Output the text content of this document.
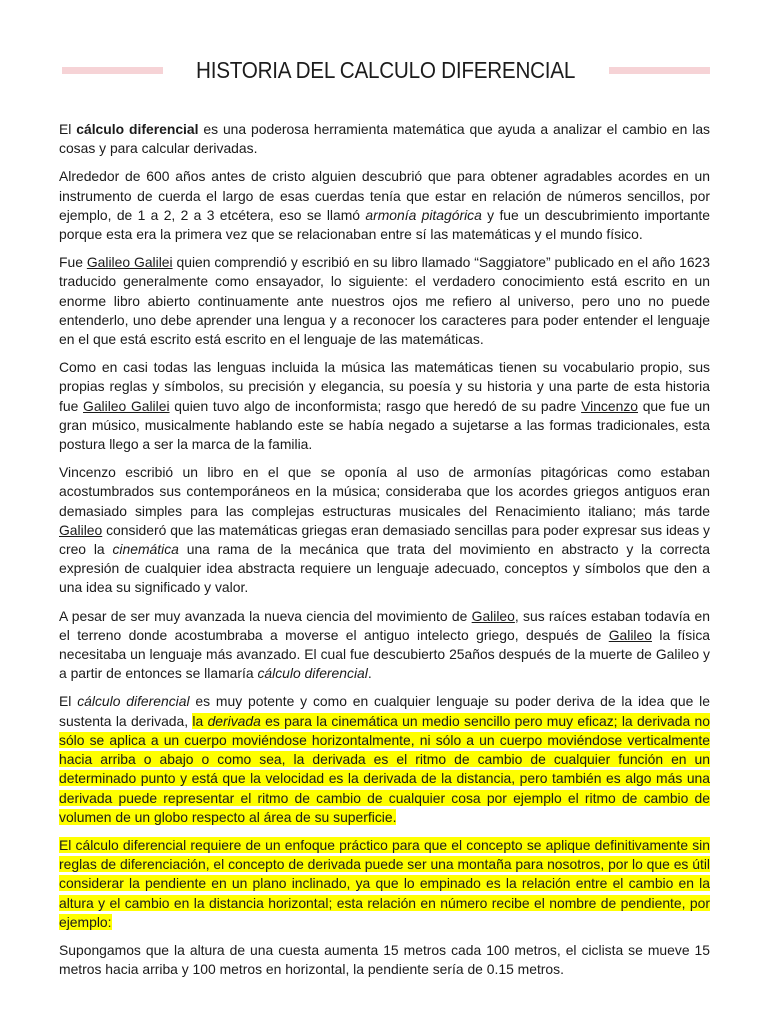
HISTORIA DEL CALCULO DIFERENCIAL

El cálculo diferencial es una poderosa herramienta matemática que ayuda a analizar el cambio en las cosas y para calcular derivadas.

Alrededor de 600 años antes de cristo alguien descubrió que para obtener agradables acordes en un instrumento de cuerda el largo de esas cuerdas tenía que estar en relación de números sencillos, por ejemplo, de 1 a 2, 2 a 3 etcétera, eso se llamó armonía pitagórica y fue un descubrimiento importante porque esta era la primera vez que se relacionaban entre sí las matemáticas y el mundo físico.

Fue Galileo Galilei quien comprendió y escribió en su libro llamado “Saggiatore” publicado en el año 1623 traducido generalmente como ensayador, lo siguiente: el verdadero conocimiento está escrito en un enorme libro abierto continuamente ante nuestros ojos me refiero al universo, pero uno no puede entenderlo, uno debe aprender una lengua y a reconocer los caracteres para poder entender el lenguaje en el que está escrito está escrito en el lenguaje de las matemáticas.

Como en casi todas las lenguas incluida la música las matemáticas tienen su vocabulario propio, sus propias reglas y símbolos, su precisión y elegancia, su poesía y su historia y una parte de esta historia fue Galileo Galilei quien tuvo algo de inconformista; rasgo que heredó de su padre Vincenzo que fue un gran músico, musicalmente hablando este se había negado a sujetarse a las formas tradicionales, esta postura llego a ser la marca de la familia.

Vincenzo escribió un libro en el que se oponía al uso de armonías pitagóricas como estaban acostumbrados sus contemporáneos en la música; consideraba que los acordes griegos antiguos eran demasiado simples para las complejas estructuras musicales del Renacimiento italiano; más tarde Galileo consideró que las matemáticas griegas eran demasiado sencillas para poder expresar sus ideas y creo la cinemática una rama de la mecánica que trata del movimiento en abstracto y la correcta expresión de cualquier idea abstracta requiere un lenguaje adecuado, conceptos y símbolos que den a una idea su significado y valor.

A pesar de ser muy avanzada la nueva ciencia del movimiento de Galileo, sus raíces estaban todavía en el terreno donde acostumbraba a moverse el antiguo intelecto griego, después de Galileo la física necesitaba un lenguaje más avanzado. El cual fue descubierto 25años después de la muerte de Galileo y a partir de entonces se llamaría cálculo diferencial.

El cálculo diferencial es muy potente y como en cualquier lenguaje su poder deriva de la idea que le sustenta la derivada, la derivada es para la cinemática un medio sencillo pero muy eficaz; la derivada no sólo se aplica a un cuerpo moviéndose horizontalmente, ni sólo a un cuerpo moviéndose verticalmente hacia arriba o abajo o como sea, la derivada es el ritmo de cambio de cualquier función en un determinado punto y está que la velocidad es la derivada de la distancia, pero también es algo más una derivada puede representar el ritmo de cambio de cualquier cosa por ejemplo el ritmo de cambio de volumen de un globo respecto al área de su superficie.

El cálculo diferencial requiere de un enfoque práctico para que el concepto se aplique definitivamente sin reglas de diferenciación, el concepto de derivada puede ser una montaña para nosotros, por lo que es útil considerar la pendiente en un plano inclinado, ya que lo empinado es la relación entre el cambio en la altura y el cambio en la distancia horizontal; esta relación en número recibe el nombre de pendiente, por ejemplo:

Supongamos que la altura de una cuesta aumenta 15 metros cada 100 metros, el ciclista se mueve 15 metros hacia arriba y 100 metros en horizontal, la pendiente sería de 0.15 metros.
